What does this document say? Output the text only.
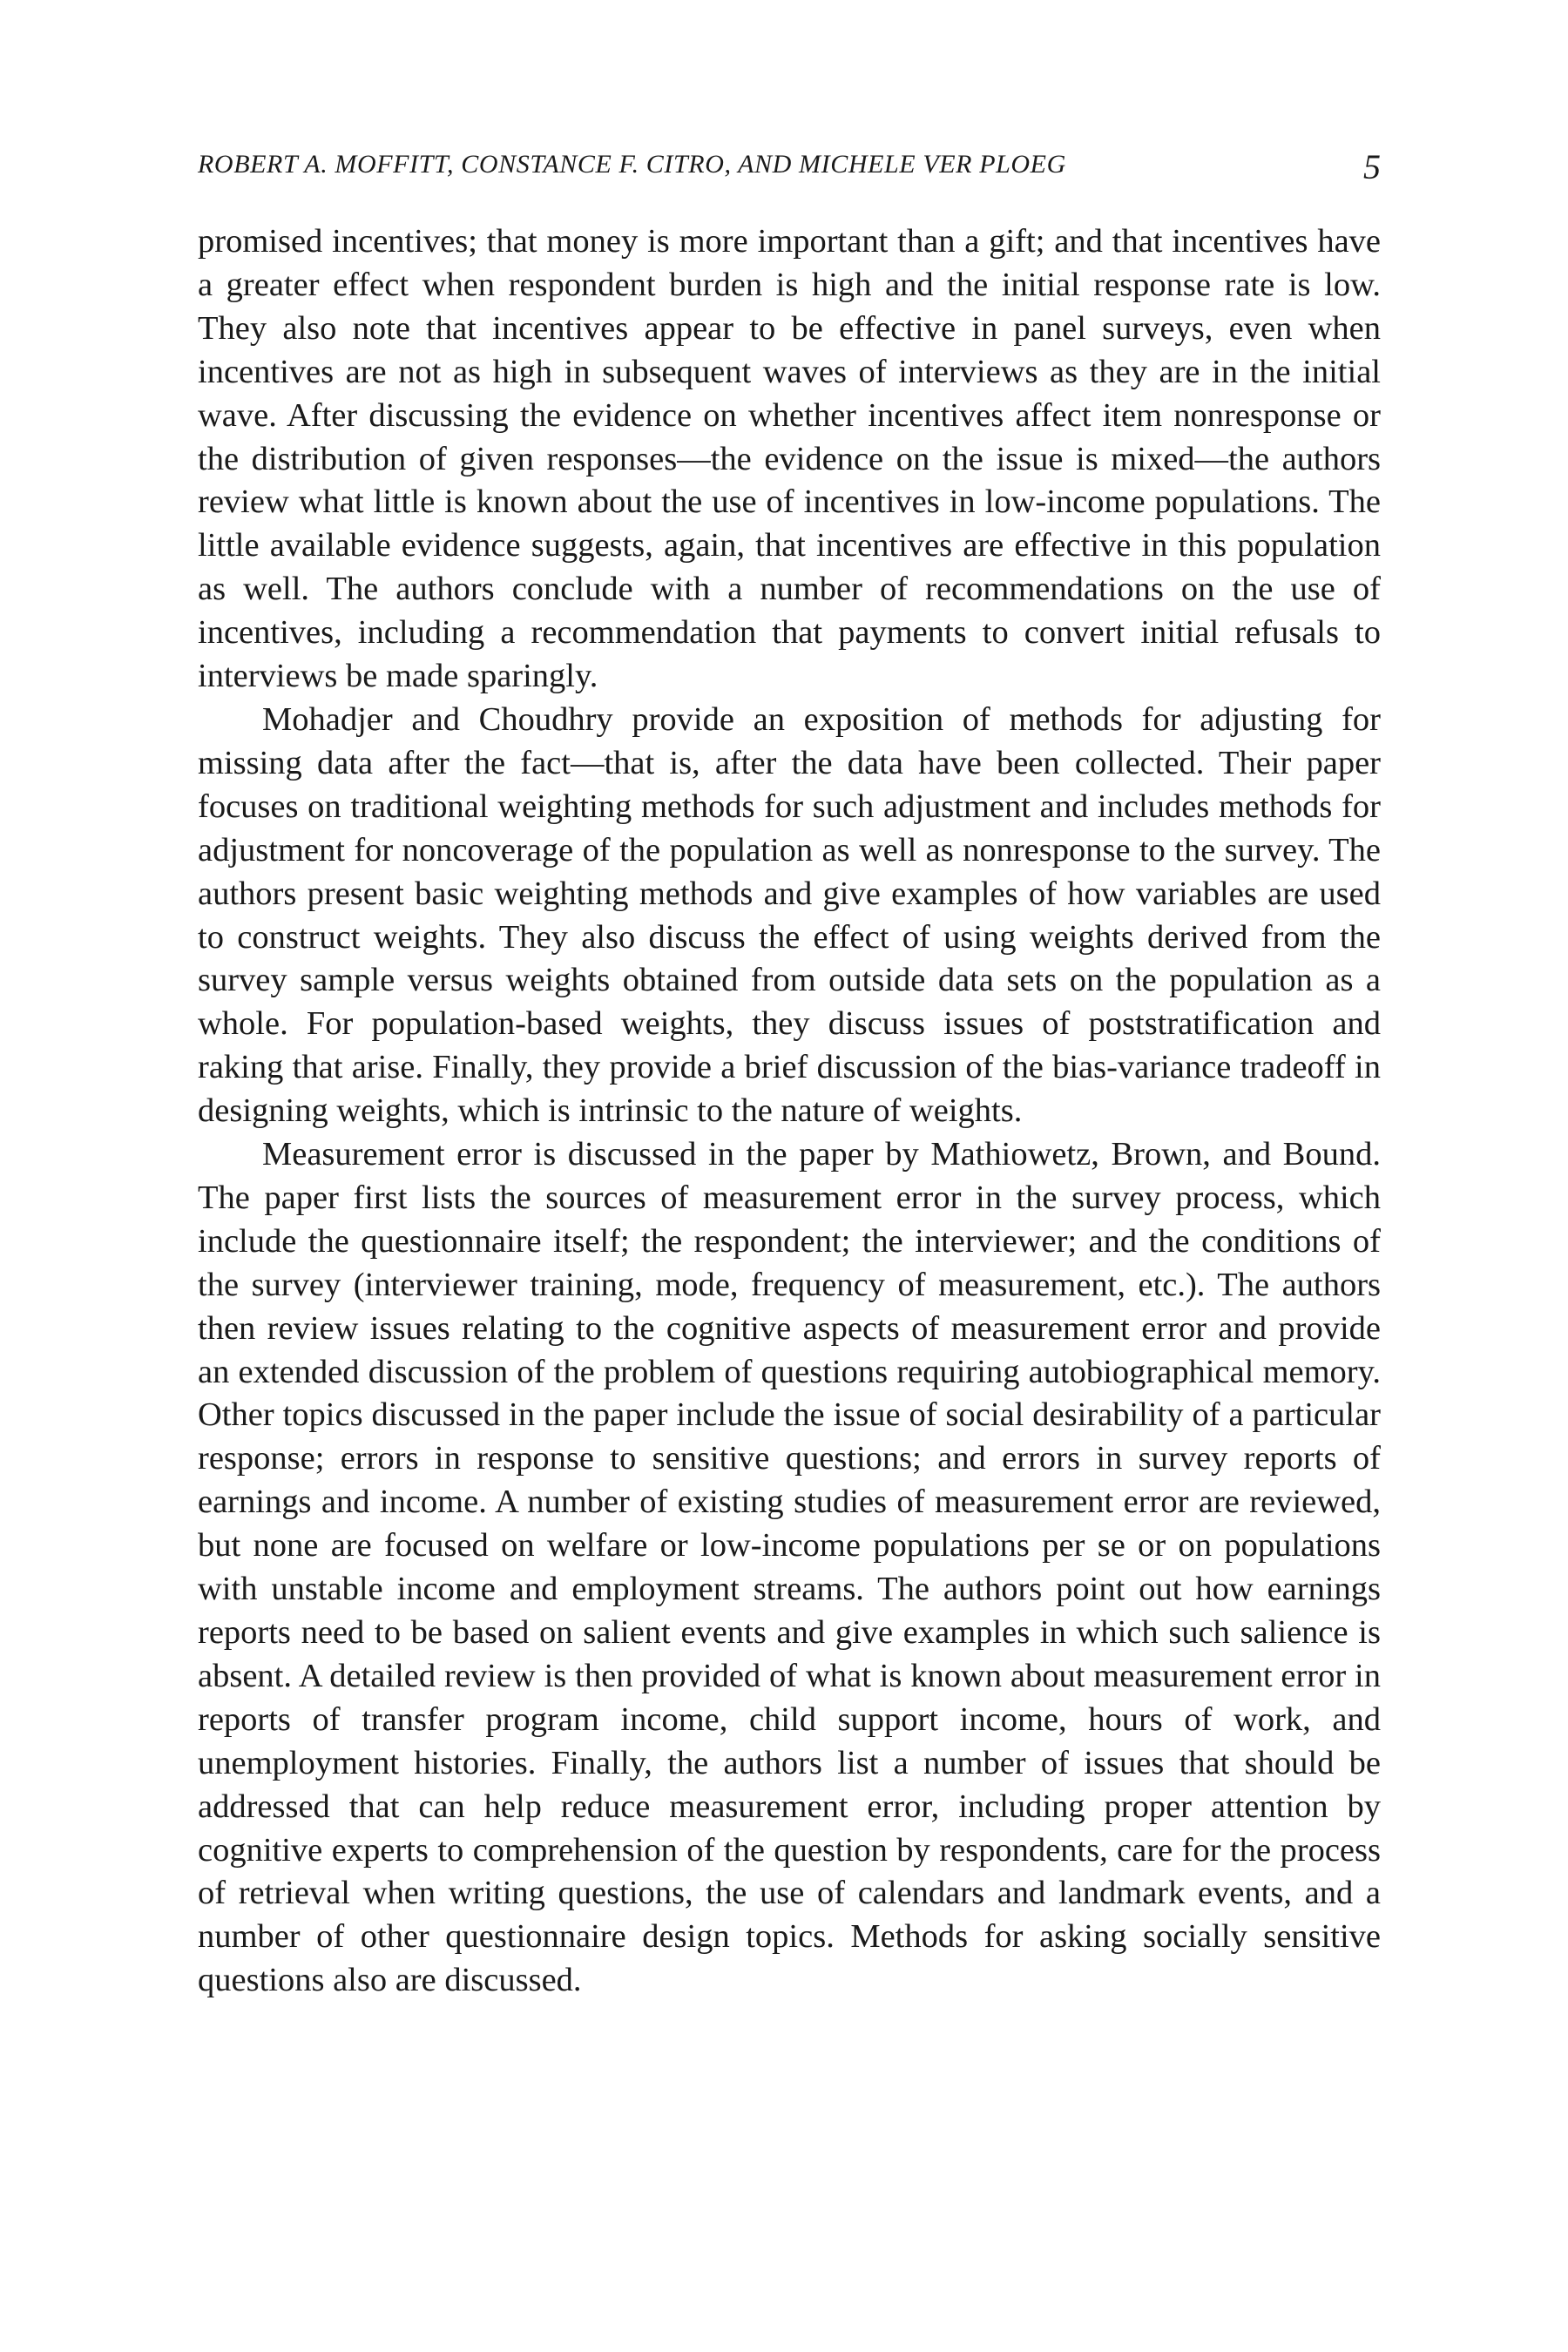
ROBERT A. MOFFITT, CONSTANCE F. CITRO, AND MICHELE VER PLOEG	5

promised incentives; that money is more important than a gift; and that incentives have a greater effect when respondent burden is high and the initial response rate is low. They also note that incentives appear to be effective in panel surveys, even when incentives are not as high in subsequent waves of interviews as they are in the initial wave. After discussing the evidence on whether incentives affect item nonresponse or the distribution of given responses—the evidence on the issue is mixed—the authors review what little is known about the use of incentives in low-income populations. The little available evidence suggests, again, that incentives are effective in this population as well. The authors conclude with a number of recommendations on the use of incentives, including a recommendation that payments to convert initial refusals to interviews be made sparingly.

Mohadjer and Choudhry provide an exposition of methods for adjusting for missing data after the fact—that is, after the data have been collected. Their paper focuses on traditional weighting methods for such adjustment and includes methods for adjustment for noncoverage of the population as well as nonresponse to the survey. The authors present basic weighting methods and give examples of how variables are used to construct weights. They also discuss the effect of using weights derived from the survey sample versus weights obtained from outside data sets on the population as a whole. For population-based weights, they discuss issues of poststratification and raking that arise. Finally, they provide a brief discussion of the bias-variance tradeoff in designing weights, which is intrinsic to the nature of weights.

Measurement error is discussed in the paper by Mathiowetz, Brown, and Bound. The paper first lists the sources of measurement error in the survey process, which include the questionnaire itself; the respondent; the interviewer; and the conditions of the survey (interviewer training, mode, frequency of measurement, etc.). The authors then review issues relating to the cognitive aspects of measurement error and provide an extended discussion of the problem of questions requiring autobiographical memory. Other topics discussed in the paper include the issue of social desirability of a particular response; errors in response to sensitive questions; and errors in survey reports of earnings and income. A number of existing studies of measurement error are reviewed, but none are focused on welfare or low-income populations per se or on populations with unstable income and employment streams. The authors point out how earnings reports need to be based on salient events and give examples in which such salience is absent. A detailed review is then provided of what is known about measurement error in reports of transfer program income, child support income, hours of work, and unemployment histories. Finally, the authors list a number of issues that should be addressed that can help reduce measurement error, including proper attention by cognitive experts to comprehension of the question by respondents, care for the process of retrieval when writing questions, the use of calendars and landmark events, and a number of other questionnaire design topics. Methods for asking socially sensitive questions also are discussed.
